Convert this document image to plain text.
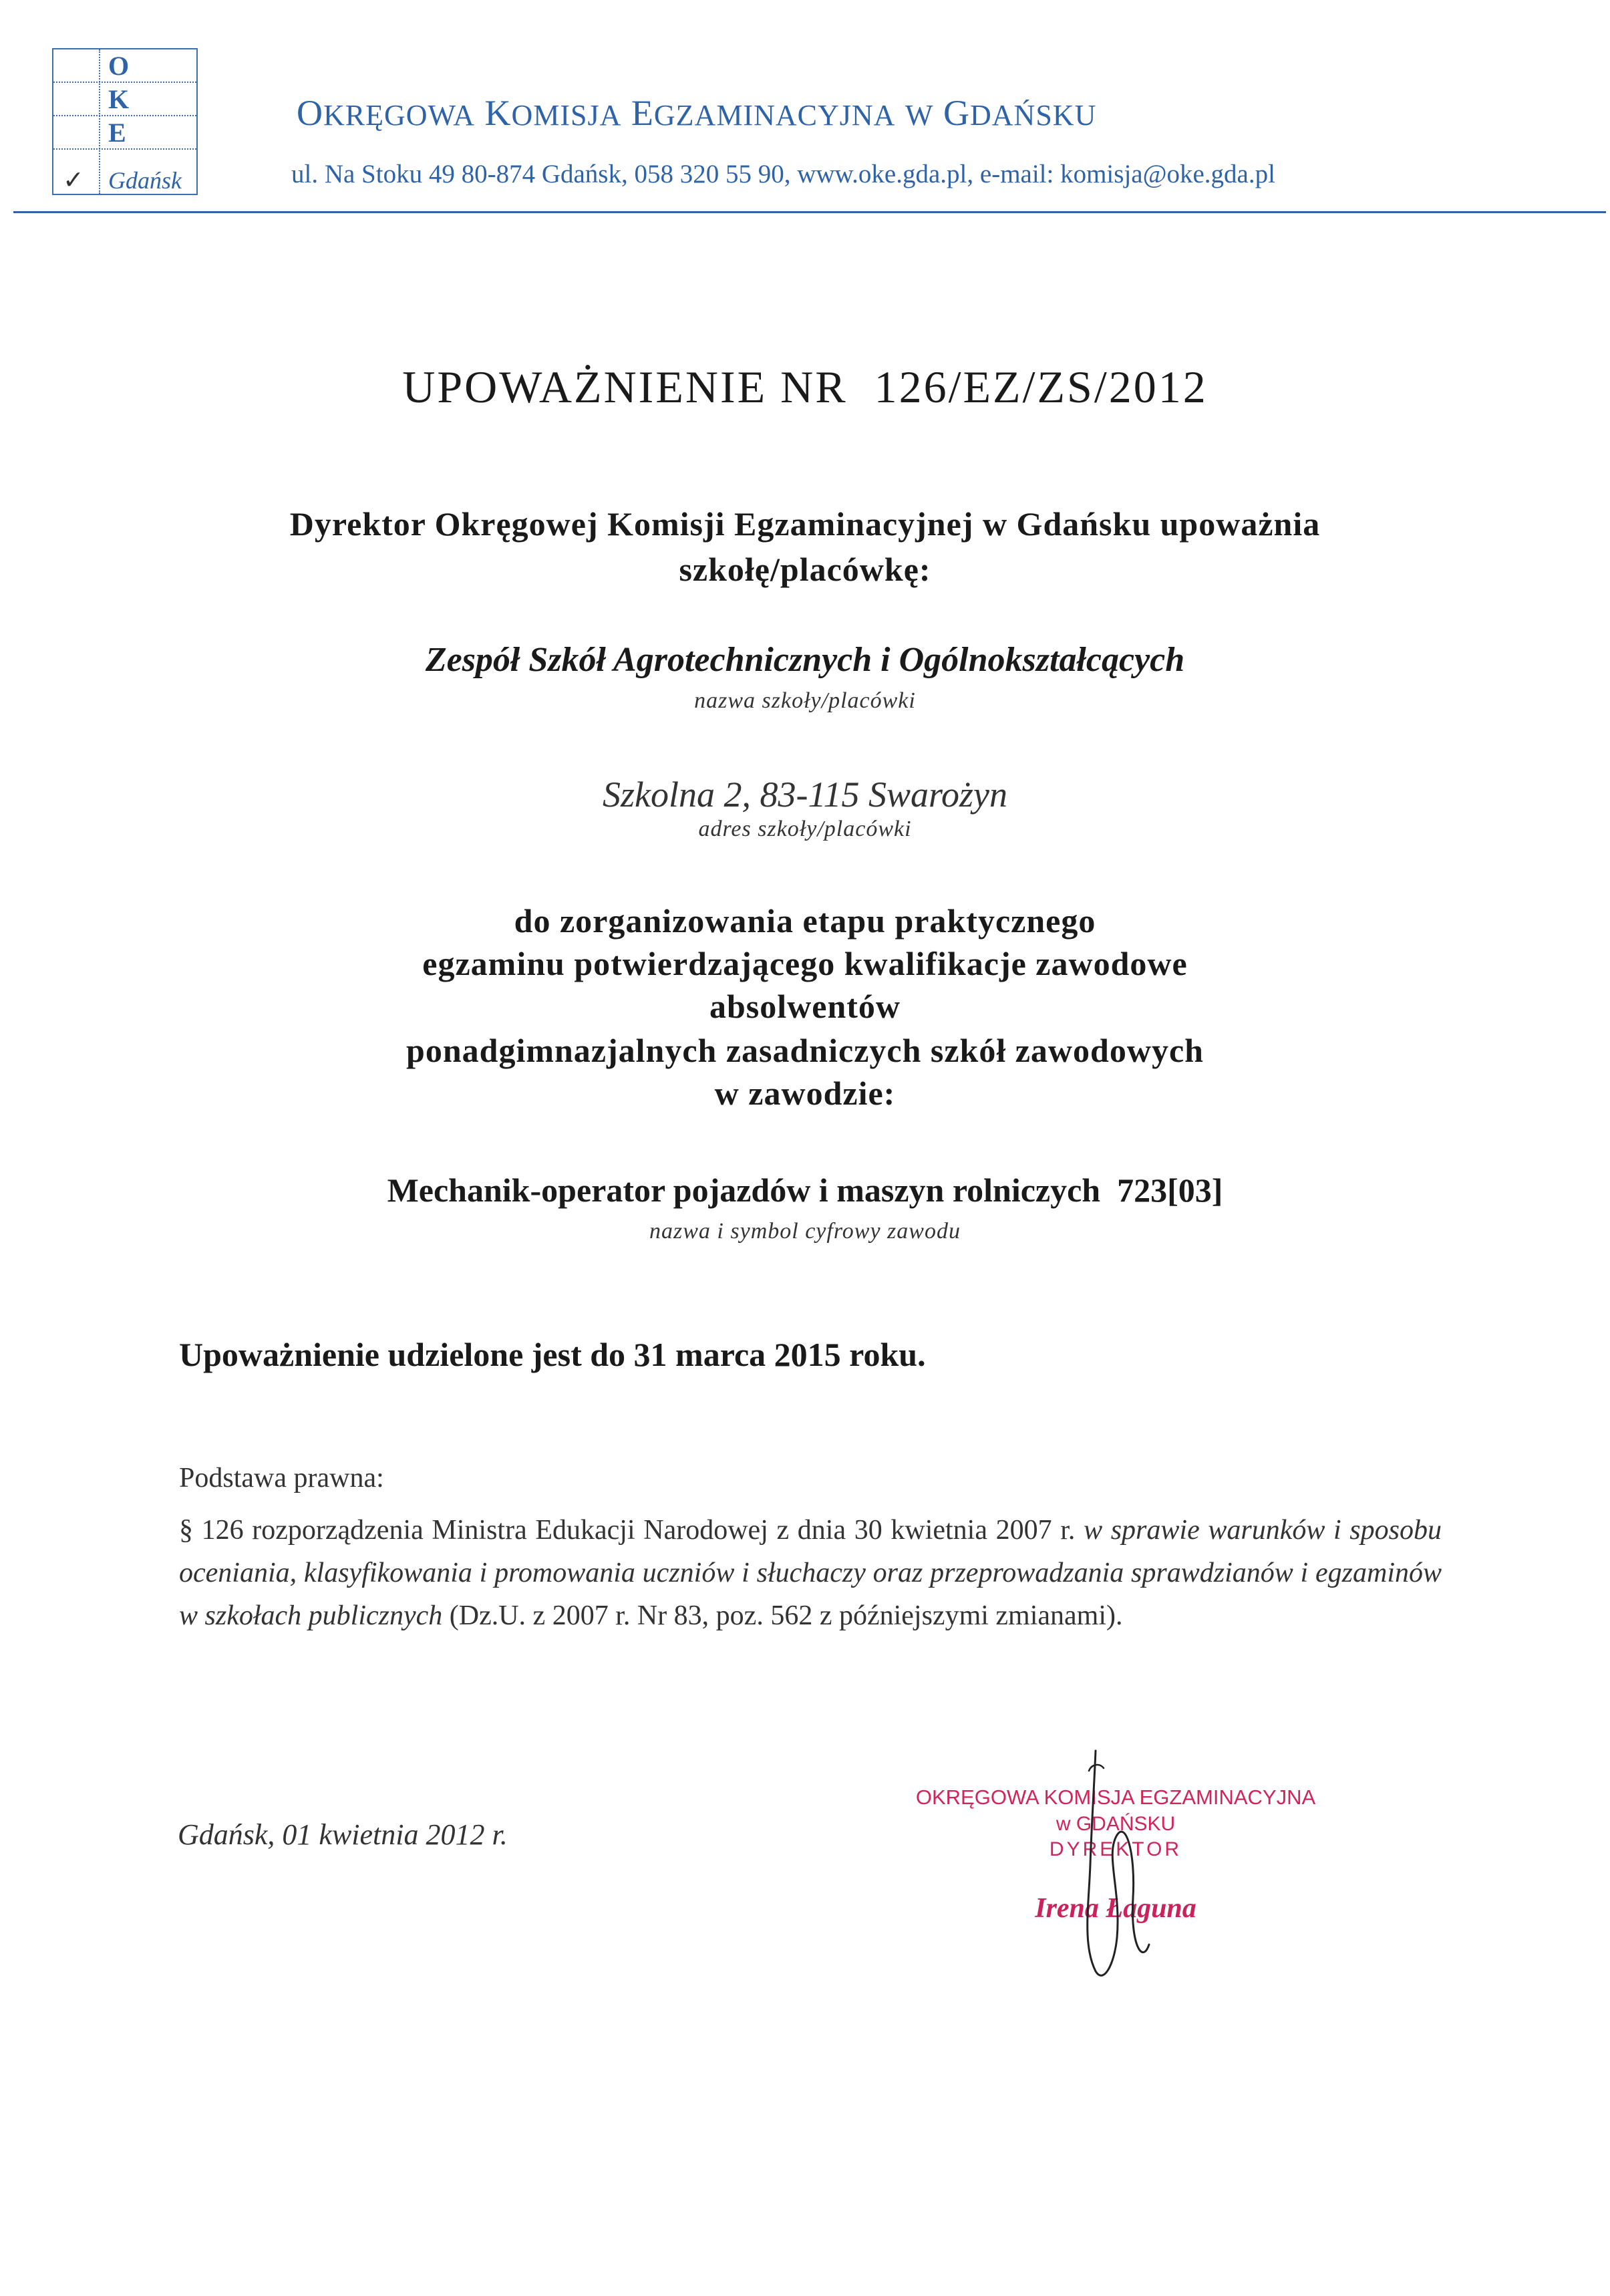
O
K
E
✓ Gdańsk
OKRĘGOWA KOMISJA EGZAMINACYJNA W GDAŃSKU
ul. Na Stoku 49 80-874 Gdańsk, 058 320 55 90, www.oke.gda.pl, e-mail: komisja@oke.gda.pl
UPOWAŻNIENIE NR  126/EZ/ZS/2012
Dyrektor Okręgowej Komisji Egzaminacyjnej w Gdańsku upoważnia
szkołę/placówkę:
Zespół Szkół Agrotechnicznych i Ogólnokształcących
nazwa szkoły/placówki
Szkolna 2, 83-115 Swarożyn
adres szkoły/placówki
do zorganizowania etapu praktycznego
egzaminu potwierdzającego kwalifikacje zawodowe
absolwentów
ponadgimnazjalnych zasadniczych szkół zawodowych
w zawodzie:
Mechanik-operator pojazdów i maszyn rolniczych  723[03]
nazwa i symbol cyfrowy zawodu
Upoważnienie udzielone jest do 31 marca 2015 roku.
Podstawa prawna:
§ 126 rozporządzenia Ministra Edukacji Narodowej z dnia 30 kwietnia 2007 r. w sprawie warunków i sposobu oceniania, klasyfikowania i promowania uczniów i słuchaczy oraz przeprowadzania sprawdzianów i egzaminów w szkołach publicznych (Dz.U. z 2007 r. Nr 83, poz. 562 z późniejszymi zmianami).
Gdańsk, 01 kwietnia 2012 r.
OKRĘGOWA KOMISJA EGZAMINACYJNA
w GDAŃSKU
DYREKTOR
Irena Łaguna
